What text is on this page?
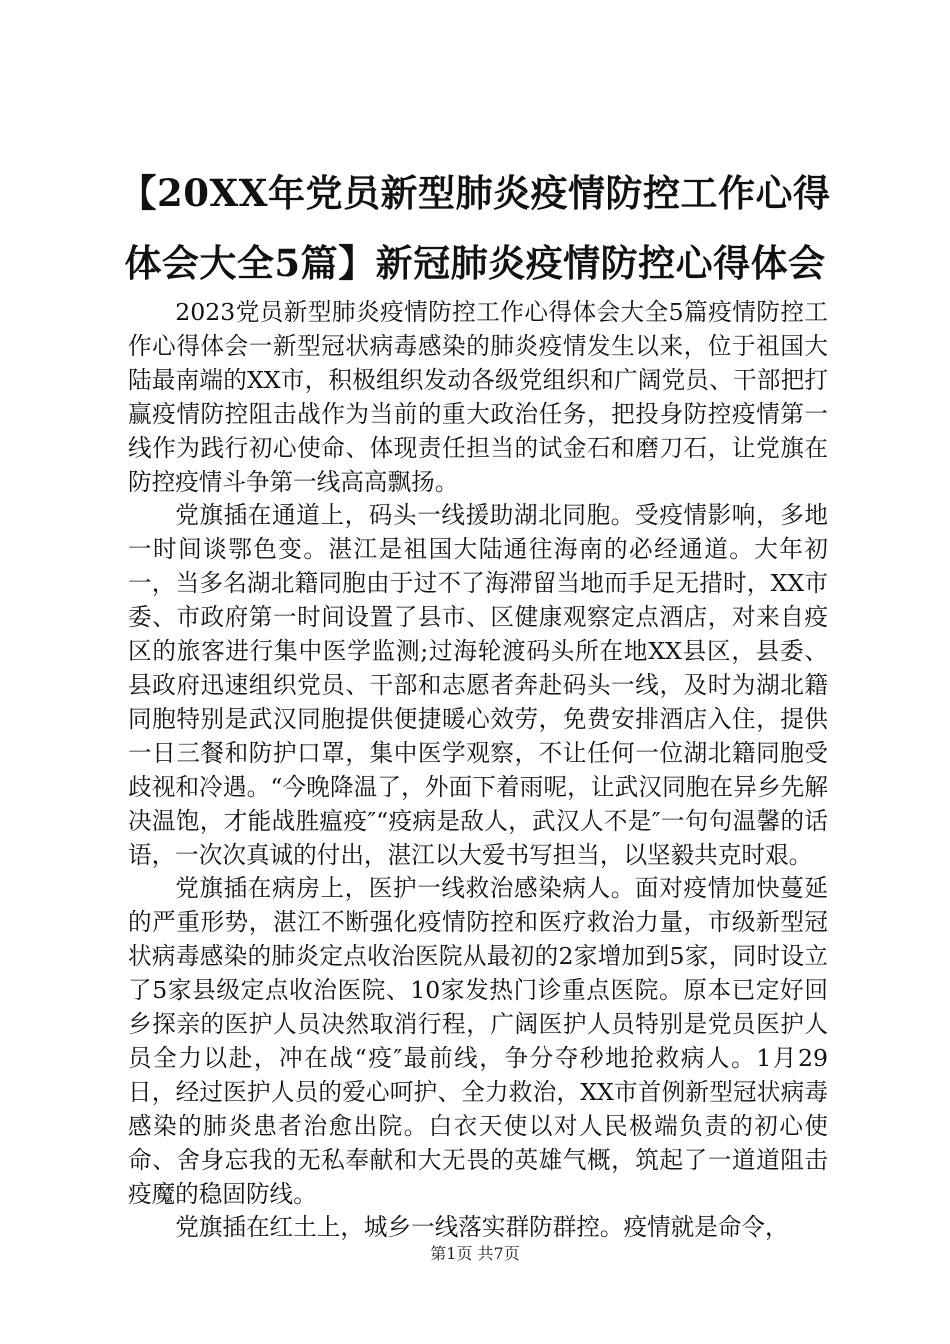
【20XX年党员新型肺炎疫情防控工作心得体会大全5篇】新冠肺炎疫情防控心得体会

2023党员新型肺炎疫情防控工作心得体会大全5篇疫情防控工作心得体会一新型冠状病毒感染的肺炎疫情发生以来，位于祖国大陆最南端的XX市，积极组织发动各级党组织和广阔党员、干部把打赢疫情防控阻击战作为当前的重大政治任务，把投身防控疫情第一线作为践行初心使命、体现责任担当的试金石和磨刀石，让党旗在防控疫情斗争第一线高高飘扬。

党旗插在通道上，码头一线援助湖北同胞。受疫情影响，多地一时间谈鄂色变。湛江是祖国大陆通往海南的必经通道。大年初一，当多名湖北籍同胞由于过不了海滞留当地而手足无措时，XX市委、市政府第一时间设置了县市、区健康观察定点酒店，对来自疫区的旅客进行集中医学监测;过海轮渡码头所在地XX县区，县委、县政府迅速组织党员、干部和志愿者奔赴码头一线，及时为湖北籍同胞特别是武汉同胞提供便捷暖心效劳，免费安排酒店入住，提供一日三餐和防护口罩，集中医学观察，不让任何一位湖北籍同胞受歧视和冷遇。“今晚降温了，外面下着雨呢，让武汉同胞在异乡先解决温饱，才能战胜瘟疫″“疫病是敌人，武汉人不是″一句句温馨的话语，一次次真诚的付出，湛江以大爱书写担当，以坚毅共克时艰。

党旗插在病房上，医护一线救治感染病人。面对疫情加快蔓延的严重形势，湛江不断强化疫情防控和医疗救治力量，市级新型冠状病毒感染的肺炎定点收治医院从最初的2家增加到5家，同时设立了5家县级定点收治医院、10家发热门诊重点医院。原本已定好回乡探亲的医护人员决然取消行程，广阔医护人员特别是党员医护人员全力以赴，冲在战“疫″最前线，争分夺秒地抢救病人。1月29日，经过医护人员的爱心呵护、全力救治，XX市首例新型冠状病毒感染的肺炎患者治愈出院。白衣天使以对人民极端负责的初心使命、舍身忘我的无私奉献和大无畏的英雄气概，筑起了一道道阻击疫魔的稳固防线。

党旗插在红土上，城乡一线落实群防群控。疫情就是命令，

第1页 共7页
